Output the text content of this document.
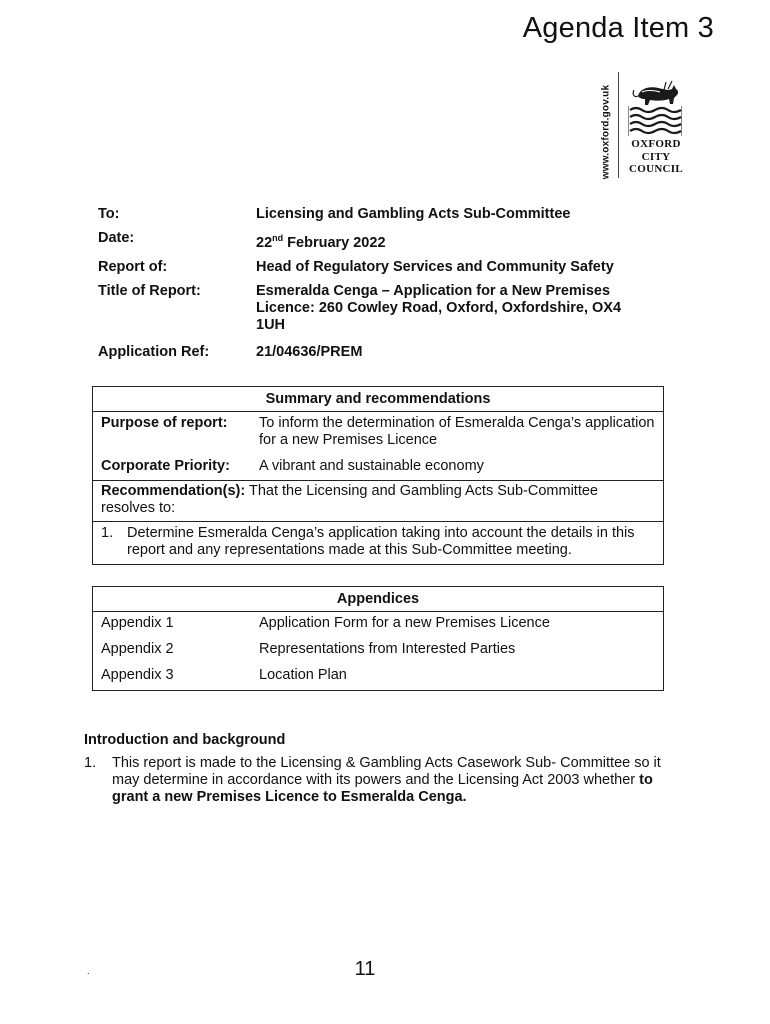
Agenda Item 3
www.oxford.gov.uk	OXFORD
CITY
COUNCIL
To:	Licensing and Gambling Acts Sub-Committee
Date:	22nd February 2022
Report of:	Head of Regulatory Services and Community Safety
Title of Report:	Esmeralda Cenga – Application for a New Premises Licence: 260 Cowley Road, Oxford, Oxfordshire, OX4 1UH
Application Ref:	21/04636/PREM
Summary and recommendations

Purpose of report:	To inform the determination of Esmeralda Cenga’s application for a new Premises Licence
Corporate Priority:	A vibrant and sustainable economy

Recommendation(s): That the Licensing and Gambling Acts Sub-Committee resolves to:

1. Determine Esmeralda Cenga’s application taking into account the details in this report and any representations made at this Sub-Committee meeting.
Appendices

Appendix 1	Application Form for a new Premises Licence
Appendix 2	Representations from Interested Parties
Appendix 3	Location Plan
Introduction and background
1.	This report is made to the Licensing & Gambling Acts Casework Sub- Committee so it may determine in accordance with its powers and the Licensing Act 2003 whether to grant a new Premises Licence to Esmeralda Cenga.
.	11
